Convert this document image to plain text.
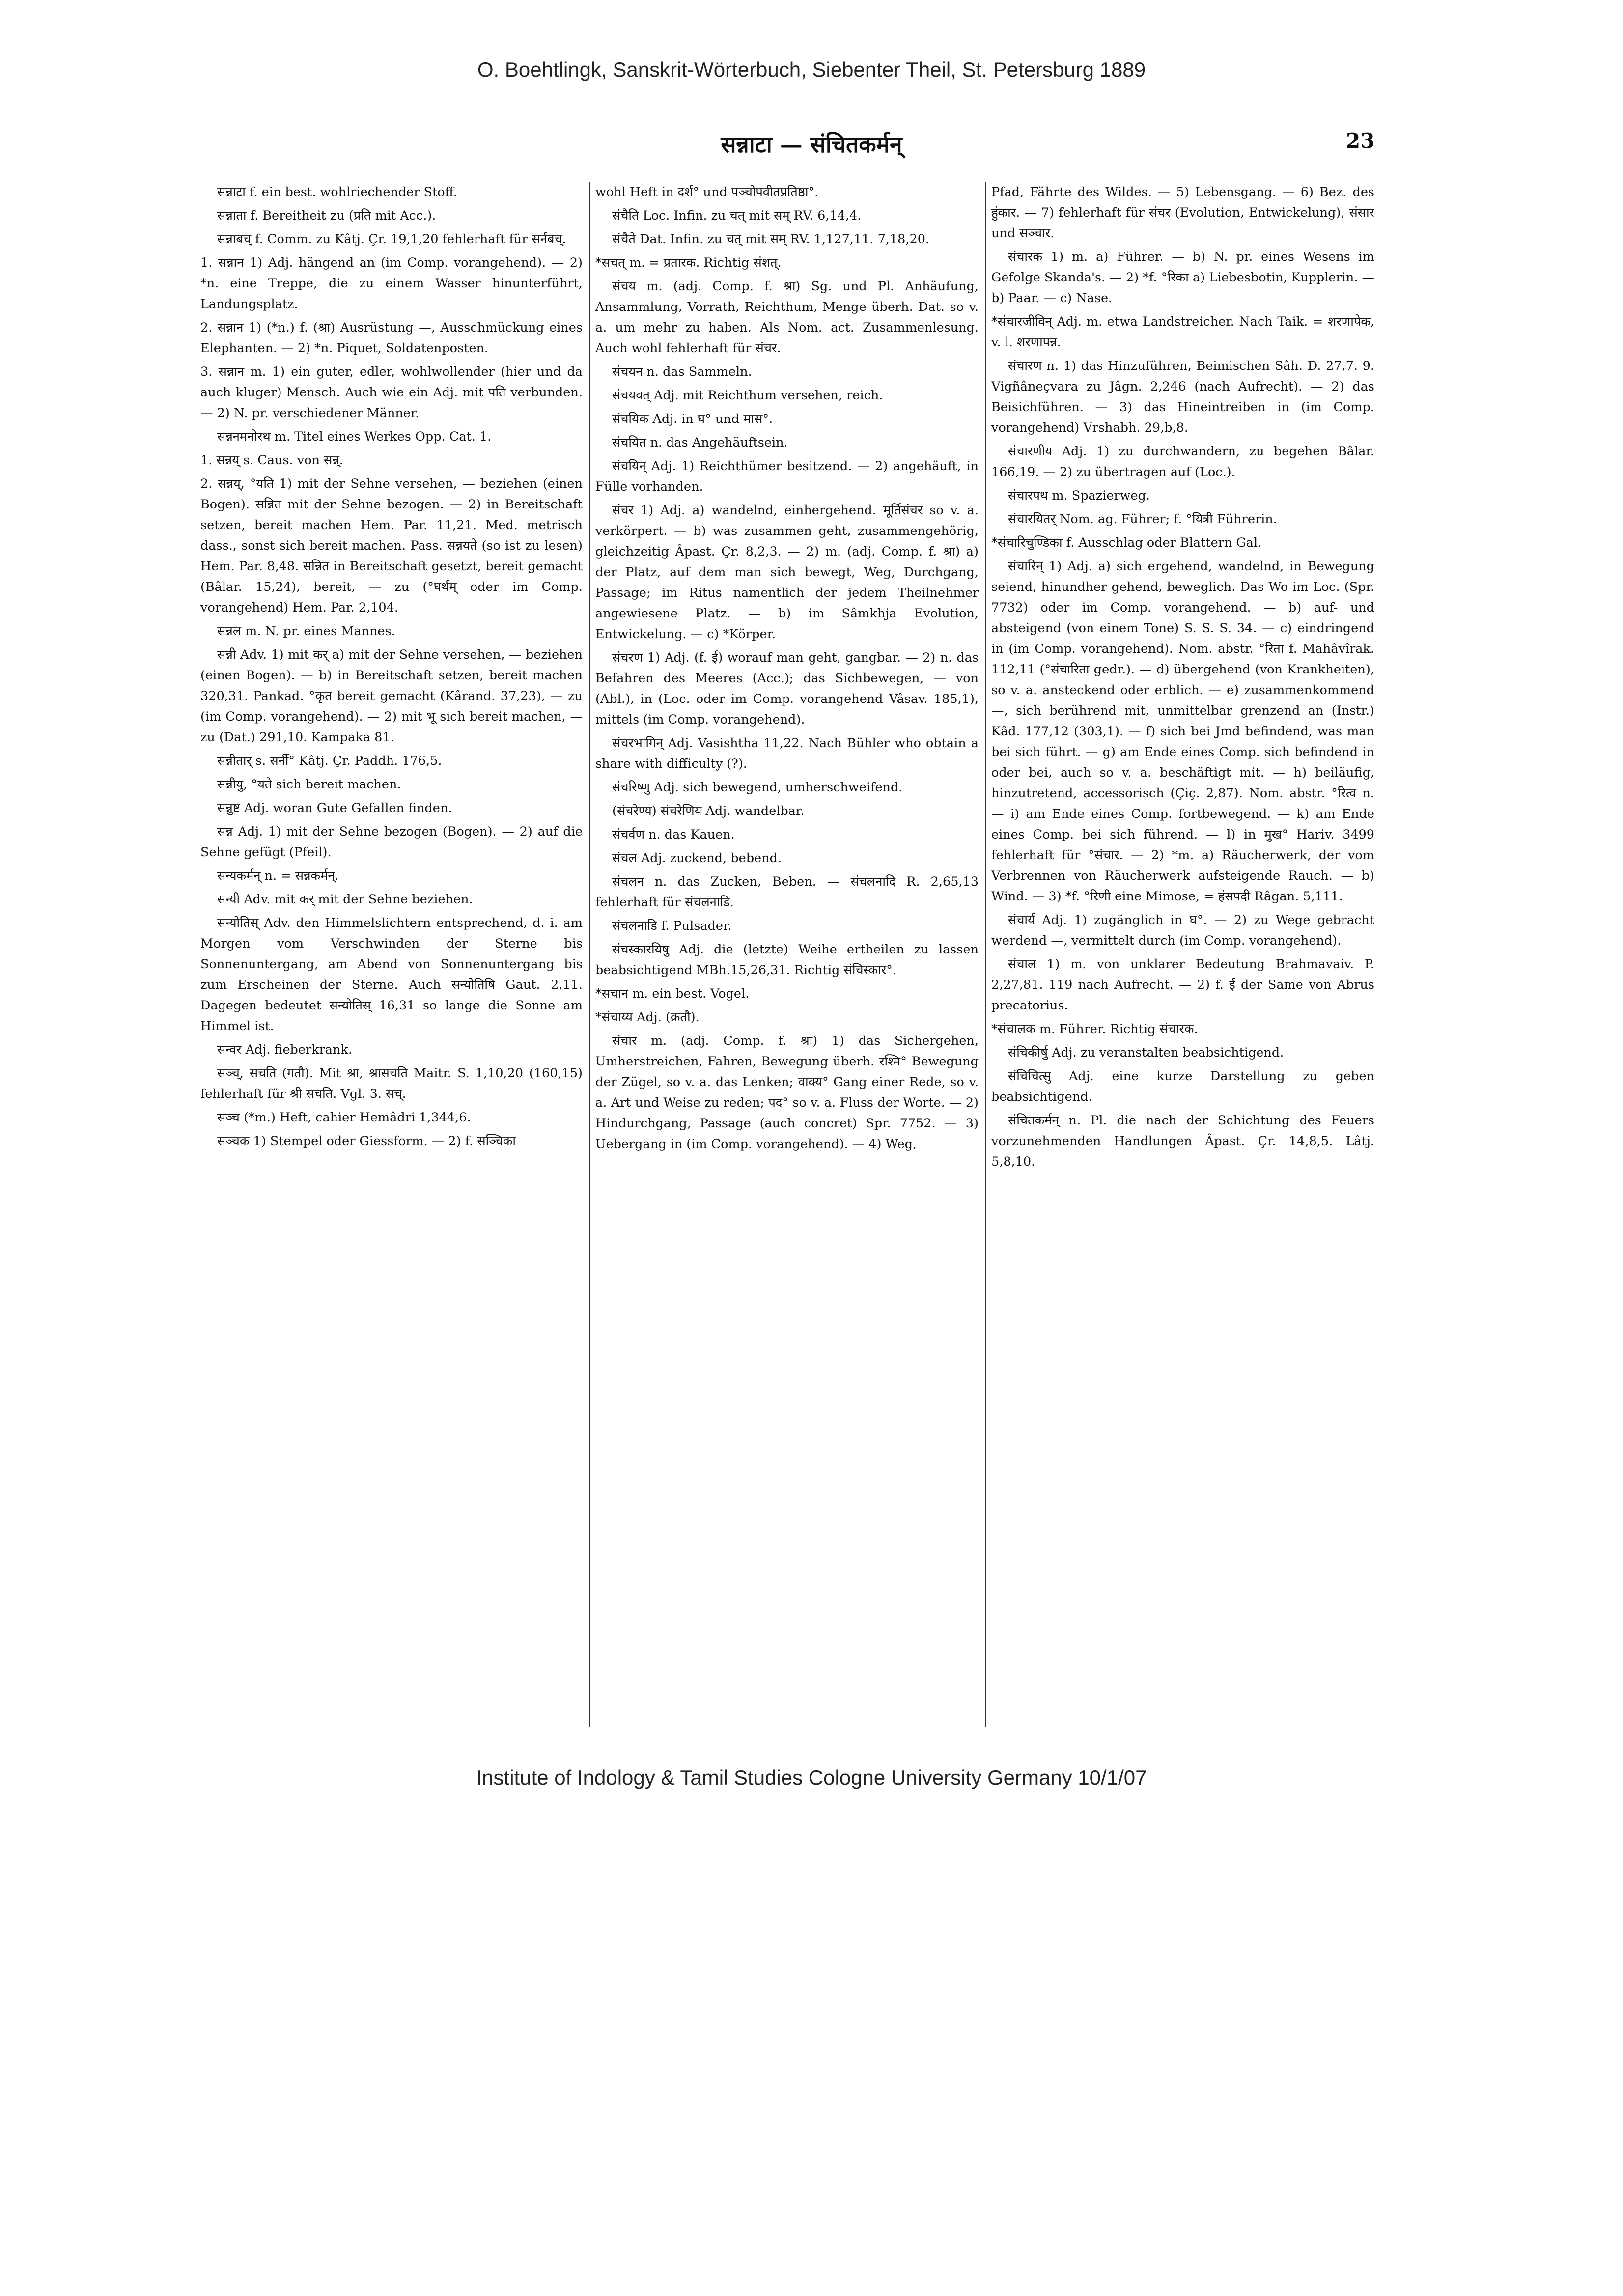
O. Boehtlingk, Sanskrit-Wörterbuch, Siebenter Theil, St. Petersburg 1889
सन्नाटा — संचितकर्मन्	23

सन्नाटा f. ein best. wohlriechender Stoff.

सन्नाता f. Bereitheit zu (प्रति mit Acc.).

सन्नाबच् f. Comm. zu Kâtj. Çr. 19,1,20 fehlerhaft für सर्नबच्.

1. सन्नान 1) Adj. hängend an (im Comp. vorangehend). — 2) *n. eine Treppe, die zu einem Wasser hinunterführt, Landungsplatz.

2. सन्नान 1) (*n.) f. (श्रा) Ausrüstung —, Ausschmückung eines Elephanten. — 2) *n. Piquet, Soldatenposten.

3. सन्नान m. 1) ein guter, edler, wohlwollender (hier und da auch kluger) Mensch. Auch wie ein Adj. mit पति verbunden. — 2) N. pr. verschiedener Männer.

सन्ननमनोरथ m. Titel eines Werkes Opp. Cat. 1.

1. सन्नय् s. Caus. von सन्न्.

2. सन्नय्, °यति 1) mit der Sehne versehen, — beziehen (einen Bogen). सन्नित mit der Sehne bezogen. — 2) in Bereitschaft setzen, bereit machen Hem. Par. 11,21. Med. metrisch dass., sonst sich bereit machen. Pass. सन्नयते (so ist zu lesen) Hem. Par. 8,48. सन्नित in Bereitschaft gesetzt, bereit gemacht (Bâlar. 15,24), bereit, — zu (°घर्थम् oder im Comp. vorangehend) Hem. Par. 2,104.

सन्नल m. N. pr. eines Mannes.

सन्नी Adv. 1) mit कर् a) mit der Sehne versehen, — beziehen (einen Bogen). — b) in Bereitschaft setzen, bereit machen 320,31. Pankad. °कृत bereit gemacht (Kârand. 37,23), — zu (im Comp. vorangehend). — 2) mit भू sich bereit machen, — zu (Dat.) 291,10. Kampaka 81.

सन्नीतार् s. सर्नी° Kâtj. Çr. Paddh. 176,5.

सन्नीयु, °यते sich bereit machen.

सन्नुष्ट Adj. woran Gute Gefallen finden.

सन्न Adj. 1) mit der Sehne bezogen (Bogen). — 2) auf die Sehne gefügt (Pfeil).

सन्यकर्मन् n. = सन्नकर्मन्.

सन्यी Adv. mit कर् mit der Sehne beziehen.

सन्योतिस् Adv. den Himmelslichtern entsprechend, d. i. am Morgen vom Verschwinden der Sterne bis Sonnenuntergang, am Abend von Sonnenuntergang bis zum Erscheinen der Sterne. Auch सन्योतिषि Gaut. 2,11. Dagegen bedeutet सन्योतिस् 16,31 so lange die Sonne am Himmel ist.

सन्वर Adj. fieberkrank.

सञ्च्, सचति (गतौ). Mit श्रा, श्रासचति Maitr. S. 1,10,20 (160,15) fehlerhaft für श्री सचति. Vgl. 3. सच्.

सञ्च (*m.) Heft, cahier Hemâdri 1,344,6.

सञ्चक 1) Stempel oder Giessform. — 2) f. सञ्चिका

wohl Heft in दर्श° und पञ्चोपवीतप्रतिष्ठा°.

संचैति Loc. Infin. zu चत् mit सम् RV. 6,14,4.

संचैते Dat. Infin. zu चत् mit सम् RV. 1,127,11. 7,18,20.

*सचत् m. = प्रतारक. Richtig संशत्.

संचय m. (adj. Comp. f. श्रा) Sg. und Pl. Anhäufung, Ansammlung, Vorrath, Reichthum, Menge überh. Dat. so v. a. um mehr zu haben. Als Nom. act. Zusammenlesung. Auch wohl fehlerhaft für संचर.

संचयन n. das Sammeln.

संचयवत् Adj. mit Reichthum versehen, reich.

संचयिक Adj. in घ° und मास°.

संचयित n. das Angehäuftsein.

संचयिन् Adj. 1) Reichthümer besitzend. — 2) angehäuft, in Fülle vorhanden.

संचर 1) Adj. a) wandelnd, einhergehend. मूर्तिसंचर so v. a. verkörpert. — b) was zusammen geht, zusammengehörig, gleichzeitig Âpast. Çr. 8,2,3. — 2) m. (adj. Comp. f. श्रा) a) der Platz, auf dem man sich bewegt, Weg, Durchgang, Passage; im Ritus namentlich der jedem Theilnehmer angewiesene Platz. — b) im Sâmkhja Evolution, Entwickelung. — c) *Körper.

संचरण 1) Adj. (f. ई) worauf man geht, gangbar. — 2) n. das Befahren des Meeres (Acc.); das Sichbewegen, — von (Abl.), in (Loc. oder im Comp. vorangehend Vâsav. 185,1), mittels (im Comp. vorangehend).

संचरभागिन् Adj. Vasishtha 11,22. Nach Bühler who obtain a share with difficulty (?).

संचरिष्णु Adj. sich bewegend, umherschweifend.

(संचरेण्य) संचरेणिय Adj. wandelbar.

संचर्वण n. das Kauen.

संचल Adj. zuckend, bebend.

संचलन n. das Zucken, Beben. — संचलनादि R. 2,65,13 fehlerhaft für संचलनाडि.

संचलनाडि f. Pulsader.

संचस्कारयिषु Adj. die (letzte) Weihe ertheilen zu lassen beabsichtigend MBh.15,26,31. Richtig संचिस्कार°.

*सचान m. ein best. Vogel.

*संचाय्य Adj. (क्रतौ).

संचार m. (adj. Comp. f. श्रा) 1) das Sichergehen, Umherstreichen, Fahren, Bewegung überh. रश्मि° Bewegung der Zügel, so v. a. das Lenken; वाक्य° Gang einer Rede, so v. a. Art und Weise zu reden; पद° so v. a. Fluss der Worte. — 2) Hindurchgang, Passage (auch concret) Spr. 7752. — 3) Uebergang in (im Comp. vorangehend). — 4) Weg,

Pfad, Fährte des Wildes. — 5) Lebensgang. — 6) Bez. des हुंकार. — 7) fehlerhaft für संचर (Evolution, Entwickelung), संसार und सञ्चार.

संचारक 1) m. a) Führer. — b) N. pr. eines Wesens im Gefolge Skanda's. — 2) *f. °रिका a) Liebesbotin, Kupplerin. — b) Paar. — c) Nase.

*संचारजीविन् Adj. m. etwa Landstreicher. Nach Taik. = शरणापेक, v. l. शरणापन्न.

संचारण n. 1) das Hinzuführen, Beimischen Sâh. D. 27,7. 9. Vigñâneçvara zu Jâgn. 2,246 (nach Aufrecht). — 2) das Beisichführen. — 3) das Hineintreiben in (im Comp. vorangehend) Vrshabh. 29,b,8.

संचारणीय Adj. 1) zu durchwandern, zu begehen Bâlar. 166,19. — 2) zu übertragen auf (Loc.).

संचारपथ m. Spazierweg.

संचारयितर् Nom. ag. Führer; f. °यित्री Führerin.

*संचारिचुण्डिका f. Ausschlag oder Blattern Gal.

संचारिन् 1) Adj. a) sich ergehend, wandelnd, in Bewegung seiend, hinundher gehend, beweglich. Das Wo im Loc. (Spr. 7732) oder im Comp. vorangehend. — b) auf- und absteigend (von einem Tone) S. S. S. 34. — c) eindringend in (im Comp. vorangehend). Nom. abstr. °रिता f. Mahâvîrak. 112,11 (°संचारिता gedr.). — d) übergehend (von Krankheiten), so v. a. ansteckend oder erblich. — e) zusammenkommend —, sich berührend mit, unmittelbar grenzend an (Instr.) Kâd. 177,12 (303,1). — f) sich bei Jmd befindend, was man bei sich führt. — g) am Ende eines Comp. sich befindend in oder bei, auch so v. a. beschäftigt mit. — h) beiläufig, hinzutretend, accessorisch (Çiç. 2,87). Nom. abstr. °रित्व n. — i) am Ende eines Comp. fortbewegend. — k) am Ende eines Comp. bei sich führend. — l) in मुख° Hariv. 3499 fehlerhaft für °संचार. — 2) *m. a) Räucherwerk, der vom Verbrennen von Räucherwerk aufsteigende Rauch. — b) Wind. — 3) *f. °रिणी eine Mimose, = हंसपदी Râgan. 5,111.

संचार्य Adj. 1) zugänglich in घ°. — 2) zu Wege gebracht werdend —, vermittelt durch (im Comp. vorangehend).

संचाल 1) m. von unklarer Bedeutung Brahmavaiv. P. 2,27,81. 119 nach Aufrecht. — 2) f. ई der Same von Abrus precatorius.

*संचालक m. Führer. Richtig संचारक.

संचिकीर्षु Adj. zu veranstalten beabsichtigend.

संचिचित्सु Adj. eine kurze Darstellung zu geben beabsichtigend.

संचितकर्मन् n. Pl. die nach der Schichtung des Feuers vorzunehmenden Handlungen Âpast. Çr. 14,8,5. Lâtj. 5,8,10.

Institute of Indology & Tamil Studies Cologne University Germany 10/1/07
